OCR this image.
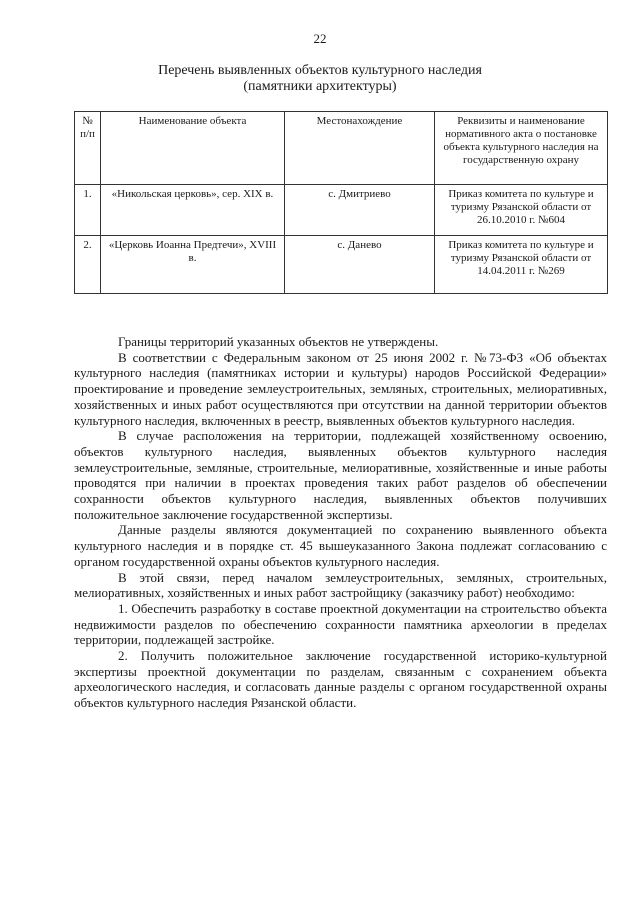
22
Перечень выявленных объектов культурного наследия
(памятники архитектуры)
№ п/п	Наименование объекта	Местонахождение	Реквизиты и наименование нормативного акта о постановке объекта культурного наследия на государственную охрану
1.	«Никольская церковь», сер. XIX в.	с. Дмитриево	Приказ комитета по культуре и туризму Рязанской области от 26.10.2010 г. №604
2.	«Церковь Иоанна Предтечи», XVIII в.	с. Данево	Приказ комитета по культуре и туризму Рязанской области от 14.04.2011 г. №269

Границы территорий указанных объектов не утверждены.

В соответствии с Федеральным законом от 25 июня 2002 г. №73-ФЗ «Об объектах культурного наследия (памятниках истории и культуры) народов Российской Федерации» проектирование и проведение землеустроительных, земляных, строительных, мелиоративных, хозяйственных и иных работ осуществляются при отсутствии на данной территории объектов культурного наследия, включенных в реестр, выявленных объектов культурного наследия.

В случае расположения на территории, подлежащей хозяйственному освоению, объектов культурного наследия, выявленных объектов культурного наследия землеустроительные, земляные, строительные, мелиоративные, хозяйственные и иные работы проводятся при наличии в проектах проведения таких работ разделов об обеспечении сохранности объектов культурного наследия, выявленных объектов получивших положительное заключение государственной экспертизы.

Данные разделы являются документацией по сохранению выявленного объекта культурного наследия и в порядке ст. 45 вышеуказанного Закона подлежат согласованию с органом государственной охраны объектов культурного наследия.

В этой связи, перед началом землеустроительных, земляных, строительных, мелиоративных, хозяйственных и иных работ застройщику (заказчику работ) необходимо:

1. Обеспечить разработку в составе проектной документации на строительство объекта недвижимости разделов по обеспечению сохранности памятника археологии в пределах территории, подлежащей застройке.

2. Получить положительное заключение государственной историко-культурной экспертизы проектной документации по разделам, связанным с сохранением объекта археологического наследия, и согласовать данные разделы с органом государственной охраны объектов культурного наследия Рязанской области.
